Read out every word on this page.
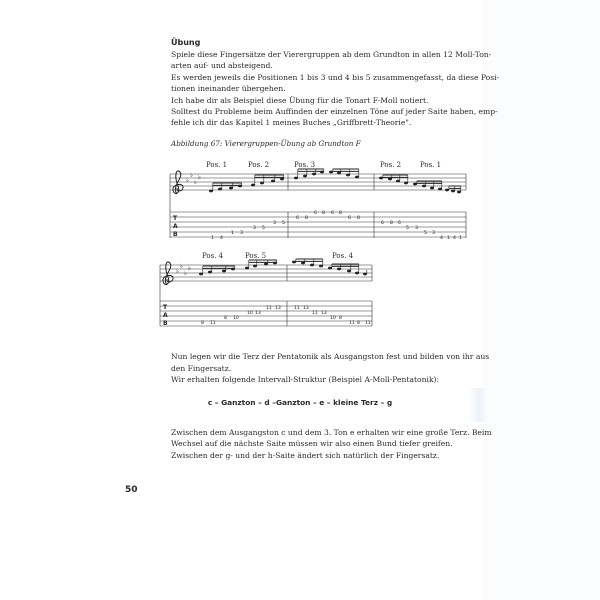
Übung
Spiele diese Fingersätze der Vierergruppen ab dem Grundton in allen 12 Moll-Ton-
arten auf- und absteigend.
Es werden jeweils die Positionen 1 bis 3 und 4 bis 5 zusammengefasst, da diese Posi-
tionen ineinander übergehen.
Ich habe dir als Beispiel diese Übung für die Tonart F-Moll notiert.
Solltest du Probleme beim Auffinden der einzelnen Töne auf jeder Saite haben, emp-
fehle ich dir das Kapitel 1 meines Buches „Griffbrett-Theorie".
Abbildung 67: Vierergruppen-Übung ab Grundton F
Pos. 1	Pos. 2	Pos. 3	Pos. 2	Pos. 1
♭
♭
♭
♭
T
A
B
1 4
1 3
3 5
3 5
6 8
6 8 6 8
6 8
6 8 6
5 3
5 3
4 1 4 1
Pos. 4	Pos. 5	Pos. 4
♭
♭
♭
♭
T
A
B	8 11
8 10
10 13
11 13	11 13
11 13
10 8
11 8 11
Nun legen wir die Terz der Pentatonik als Ausgangston fest und bilden von ihr aus
den Fingersatz.
Wir erhalten folgende Intervall-Struktur (Beispiel A-Moll-Pentatonik):
c – Ganzton – d –Ganzton – e – kleine Terz – g
Zwischen dem Ausgangston c und dem 3. Ton e erhalten wir eine große Terz. Beim
Wechsel auf die nächste Saite müssen wir also einen Bund tiefer greifen.
Zwischen der g- und der h-Saite ändert sich natürlich der Fingersatz.
50
